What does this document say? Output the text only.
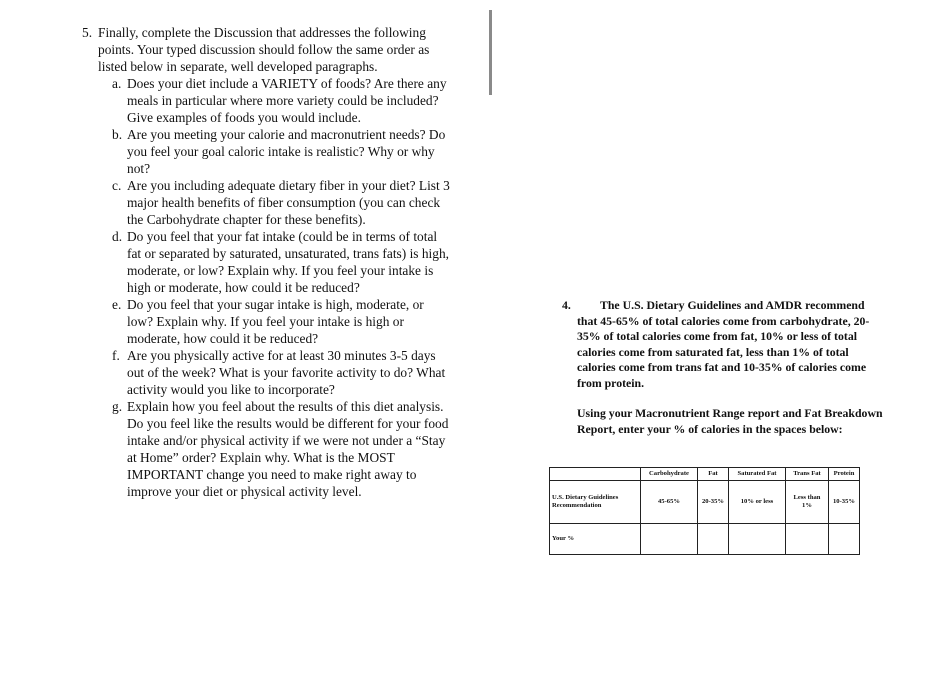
5. Finally, complete the Discussion that addresses the following points. Your typed discussion should follow the same order as listed below in separate, well developed paragraphs.
a. Does your diet include a VARIETY of foods? Are there any meals in particular where more variety could be included? Give examples of foods you would include.
b. Are you meeting your calorie and macronutrient needs? Do you feel your goal caloric intake is realistic? Why or why not?
c. Are you including adequate dietary fiber in your diet? List 3 major health benefits of fiber consumption (you can check the Carbohydrate chapter for these benefits).
d. Do you feel that your fat intake (could be in terms of total fat or separated by saturated, unsaturated, trans fats) is high, moderate, or low? Explain why. If you feel your intake is high or moderate, how could it be reduced?
e. Do you feel that your sugar intake is high, moderate, or low? Explain why. If you feel your intake is high or moderate, how could it be reduced?
f. Are you physically active for at least 30 minutes 3-5 days out of the week? What is your favorite activity to do? What activity would you like to incorporate?
g. Explain how you feel about the results of this diet analysis. Do you feel like the results would be different for your food intake and/or physical activity if we were not under a “Stay at Home” order? Explain why. What is the MOST IMPORTANT change you need to make right away to improve your diet or physical activity level.
4.	The U.S. Dietary Guidelines and AMDR recommend that 45-65% of total calories come from carbohydrate, 20-35% of total calories come from fat, 10% or less of total calories come from saturated fat, less than 1% of total calories come from trans fat and 10-35% of calories come from protein.
Using your Macronutrient Range report and Fat Breakdown Report, enter your % of calories in the spaces below:
	Carbohydrate	Fat	Saturated Fat	Trans Fat	Protein
U.S. Dietary Guidelines Recommendation	45-65%	20-35%	10% or less	Less than 1%	10-35%
Your %					
